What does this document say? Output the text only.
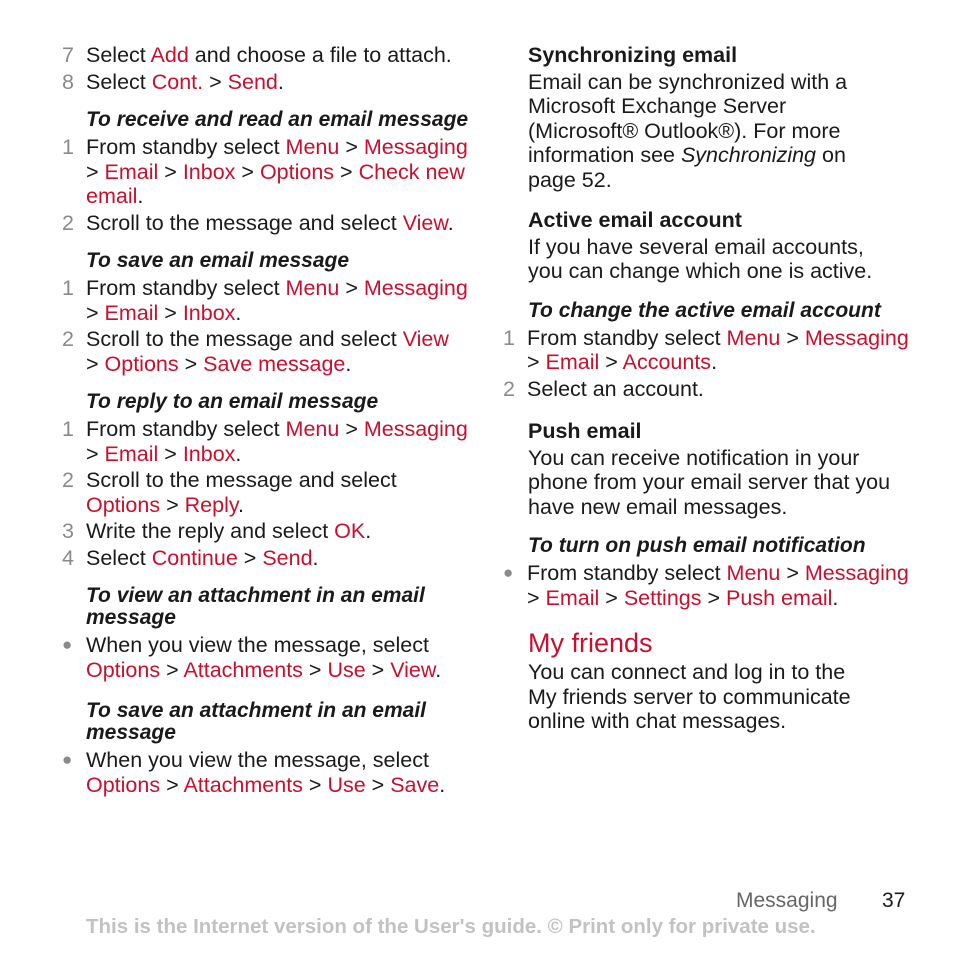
7 Select Add and choose a file to attach.
8 Select Cont. > Send.
To receive and read an email message
1 From standby select Menu > Messaging
> Email > Inbox > Options > Check new email.
2 Scroll to the message and select View.
To save an email message
1 From standby select Menu > Messaging
> Email > Inbox.
2 Scroll to the message and select View
> Options > Save message.
To reply to an email message
1 From standby select Menu > Messaging
> Email > Inbox.
2 Scroll to the message and select
Options > Reply.
3 Write the reply and select OK.
4 Select Continue > Send.
To view an attachment in an email message
● When you view the message, select
Options > Attachments > Use > View.
To save an attachment in an email message
● When you view the message, select
Options > Attachments > Use > Save.
Synchronizing email
Email can be synchronized with a Microsoft Exchange Server (Microsoft® Outlook®). For more information see Synchronizing on page 52.
Active email account
If you have several email accounts, you can change which one is active.
To change the active email account
1 From standby select Menu > Messaging
> Email > Accounts.
2 Select an account.
Push email
You can receive notification in your phone from your email server that you have new email messages.
To turn on push email notification
● From standby select Menu > Messaging
> Email > Settings > Push email.
My friends
You can connect and log in to the My friends server to communicate online with chat messages.
Messaging 37
This is the Internet version of the User's guide. © Print only for private use.
